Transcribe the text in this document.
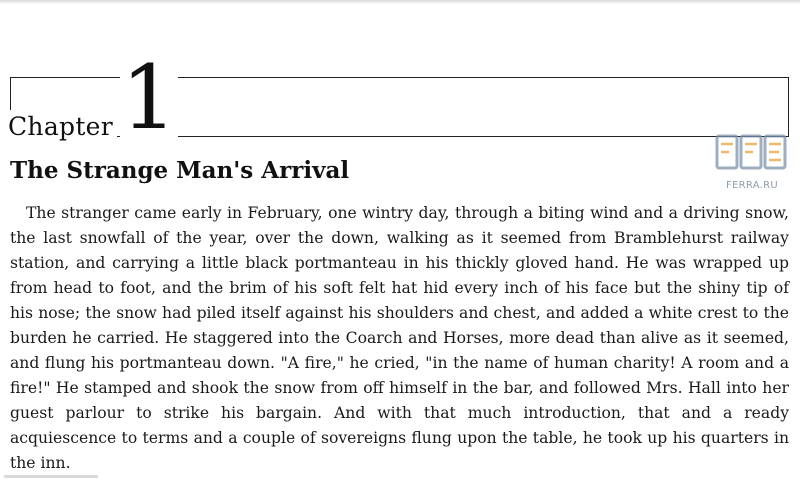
Chapter 1
The Strange Man's Arrival

The stranger came early in February, one wintry day, through a biting wind and a driving snow, the last snowfall of the year, over the down, walking as it seemed from Bramblehurst railway station, and carrying a little black portmanteau in his thickly gloved hand. He was wrapped up from head to foot, and the brim of his soft felt hat hid every inch of his face but the shiny tip of his nose; the snow had piled itself against his shoulders and chest, and added a white crest to the burden he carried. He staggered into the Coarch and Horses, more dead than alive as it seemed, and flung his portmanteau down. "A fire," he cried, "in the name of human charity! A room and a fire!" He stamped and shook the snow from off himself in the bar, and followed Mrs. Hall into her guest parlour to strike his bargain. And with that much introduction, that and a ready acquiescence to terms and a couple of sovereigns flung upon the table, he took up his quarters in the inn.

FERRA.RU
